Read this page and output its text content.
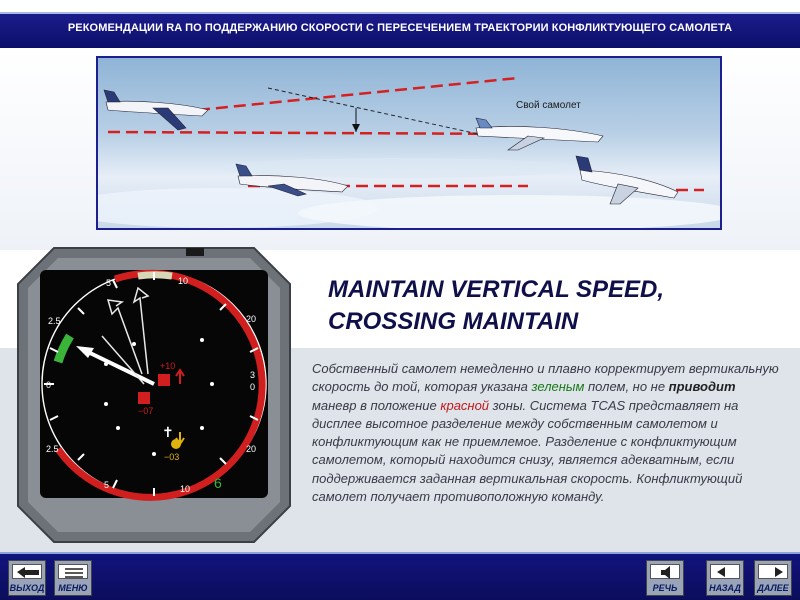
РЕКОМЕНДАЦИИ RA ПО ПОДДЕРЖАНИЮ СКОРОСТИ С ПЕРЕСЕЧЕНИЕМ ТРАЕКТОРИИ КОНФЛИКТУЮЩЕГО САМОЛЕТА
Свой самолет
MAINTAIN VERTICAL SPEED,
CROSSING MAINTAIN
✝
5
2.5
0
2.5
5
10
20
3
0
20
10
+10
−07
−03
6
Собственный самолет немедленно и плавно корректирует вертикальную скорость до той, которая указана зеленым полем, но не приводит маневр в положение красной зоны. Система TCAS представляет на дисплее высотное разделение между собственным самолетом и конфликтующим как не приемлемое. Разделение с конфликтующим самолетом, который находится снизу, является адекватным, если поддерживается заданная вертикальная скорость. Конфликтующий самолет получает противоположную команду.
ВЫХОД	МЕНЮ	РЕЧЬ	НАЗАД ДАЛЕЕ
